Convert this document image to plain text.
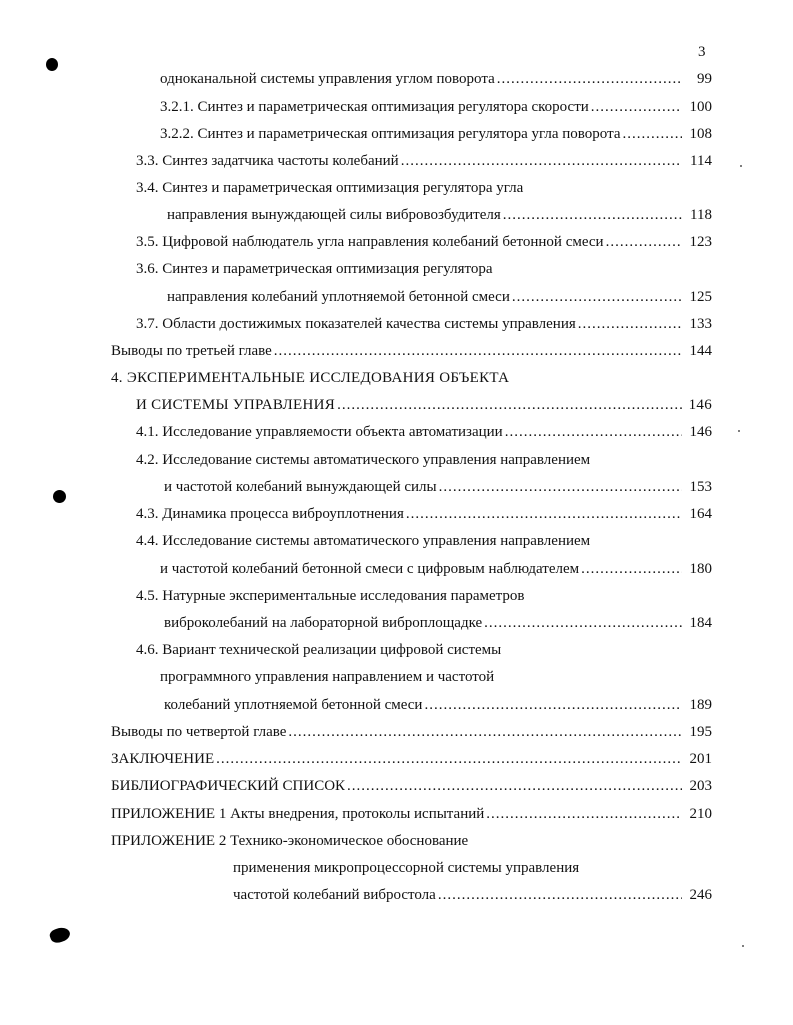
3
одноканальной системы управления углом поворота .....	99
3.2.1. Синтез и параметрическая оптимизация регулятора скорости .....	100
3.2.2. Синтез и параметрическая оптимизация регулятора угла поворота .....	108
3.3. Синтез задатчика частоты колебаний .....	114
3.4. Синтез и параметрическая оптимизация регулятора угла
направления вынуждающей силы вибровозбудителя .....	118
3.5. Цифровой наблюдатель угла направления колебаний бетонной смеси .....	123
3.6. Синтез и параметрическая оптимизация регулятора
направления колебаний уплотняемой бетонной смеси .....	125
3.7. Области достижимых показателей качества системы управления .....	133
Выводы по третьей главе .....	144
4. ЭКСПЕРИМЕНТАЛЬНЫЕ ИССЛЕДОВАНИЯ ОБЪЕКТА
И СИСТЕМЫ УПРАВЛЕНИЯ .....	146
4.1. Исследование управляемости объекта автоматизации .....	146
4.2. Исследование системы автоматического управления направлением
и частотой колебаний вынуждающей силы .....	153
4.3. Динамика процесса виброуплотнения .....	164
4.4. Исследование системы автоматического управления направлением
и частотой колебаний бетонной смеси с цифровым наблюдателем .....	180
4.5. Натурные экспериментальные исследования параметров
виброколебаний на лабораторной виброплощадке .....	184
4.6. Вариант технической реализации цифровой системы
программного управления направлением и частотой
колебаний уплотняемой бетонной смеси .....	189
Выводы по четвертой главе .....	195
ЗАКЛЮЧЕНИЕ .....	201
БИБЛИОГРАФИЧЕСКИЙ СПИСОК .....	203
ПРИЛОЖЕНИЕ 1 Акты внедрения, протоколы испытаний .....	210
ПРИЛОЖЕНИЕ 2 Технико-экономическое обоснование
применения микропроцессорной системы управления
частотой колебаний вибростола .....	246
